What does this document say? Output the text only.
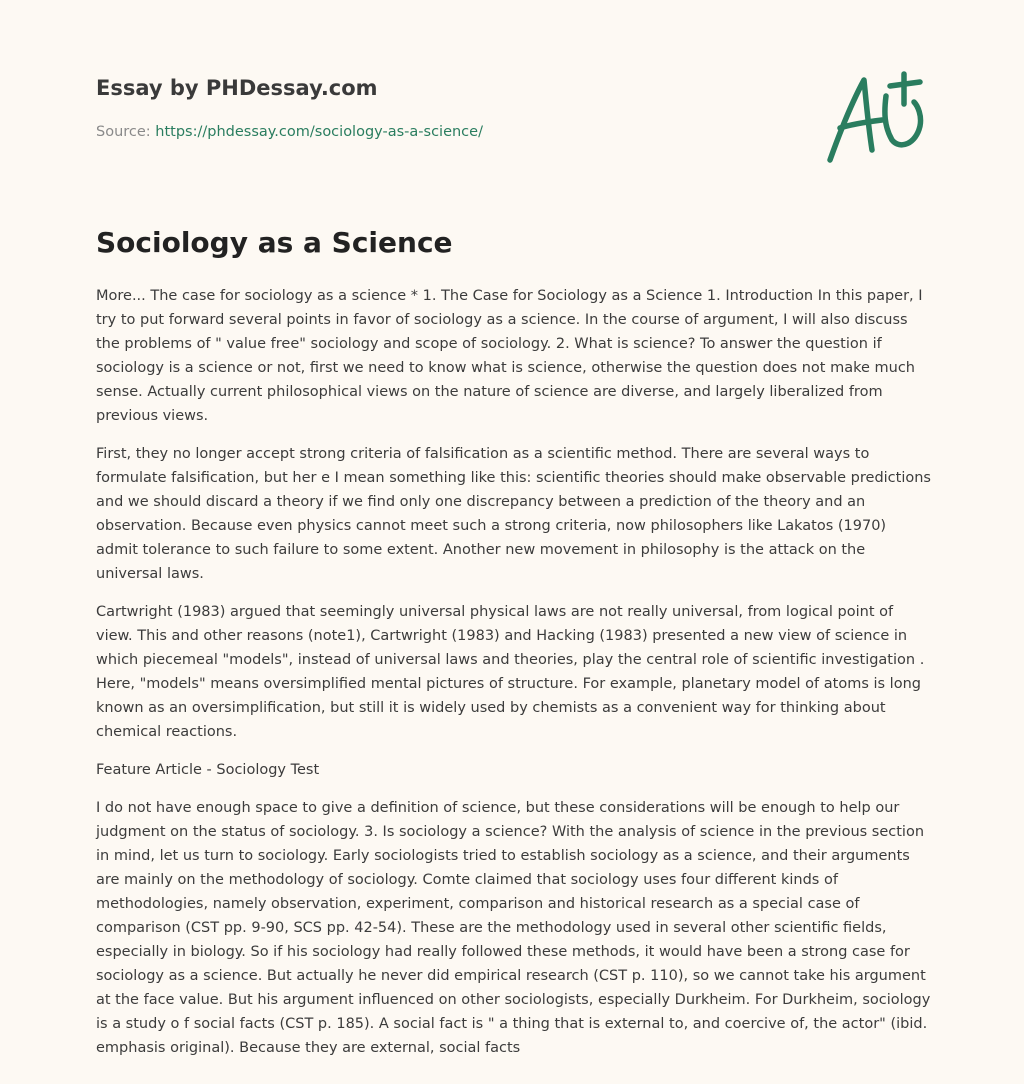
Essay by PHDessay.com
Source: https://phdessay.com/sociology-as-a-science/
Sociology as a Science

More... The case for sociology as a science * 1. The Case for Sociology as a Science 1. Introduction In this paper, I try to put forward several points in favor of sociology as a science. In the course of argument, I will also discuss the problems of " value free" sociology and scope of sociology. 2. What is science? To answer the question if sociology is a science or not, first we need to know what is science, otherwise the question does not make much sense. Actually current philosophical views on the nature of science are diverse, and largely liberalized from previous views.

First, they no longer accept strong criteria of falsification as a scientific method. There are several ways to formulate falsification, but her e I mean something like this: scientific theories should make observable predictions and we should discard a theory if we find only one discrepancy between a prediction of the theory and an observation. Because even physics cannot meet such a strong criteria, now philosophers like Lakatos (1970) admit tolerance to such failure to some extent. Another new movement in philosophy is the attack on the universal laws.

Cartwright (1983) argued that seemingly universal physical laws are not really universal, from logical point of view. This and other reasons (note1), Cartwright (1983) and Hacking (1983) presented a new view of science in which piecemeal "models", instead of universal laws and theories, play the central role of scientific investigation . Here, "models" means oversimplified mental pictures of structure. For example, planetary model of atoms is long known as an oversimplification, but still it is widely used by chemists as a convenient way for thinking about chemical reactions.

Feature Article - Sociology Test

I do not have enough space to give a definition of science, but these considerations will be enough to help our judgment on the status of sociology. 3. Is sociology a science? With the analysis of science in the previous section in mind, let us turn to sociology. Early sociologists tried to establish sociology as a science, and their arguments are mainly on the methodology of sociology. Comte claimed that sociology uses four different kinds of methodologies, namely observation, experiment, comparison and historical research as a special case of comparison (CST pp. 9-90, SCS pp. 42-54). These are the methodology used in several other scientific fields, especially in biology. So if his sociology had really followed these methods, it would have been a strong case for sociology as a science. But actually he never did empirical research (CST p. 110), so we cannot take his argument at the face value. But his argument influenced on other sociologists, especially Durkheim. For Durkheim, sociology is a study o f social facts (CST p. 185). A social fact is " a thing that is external to, and coercive of, the actor" (ibid. emphasis original). Because they are external, social facts
